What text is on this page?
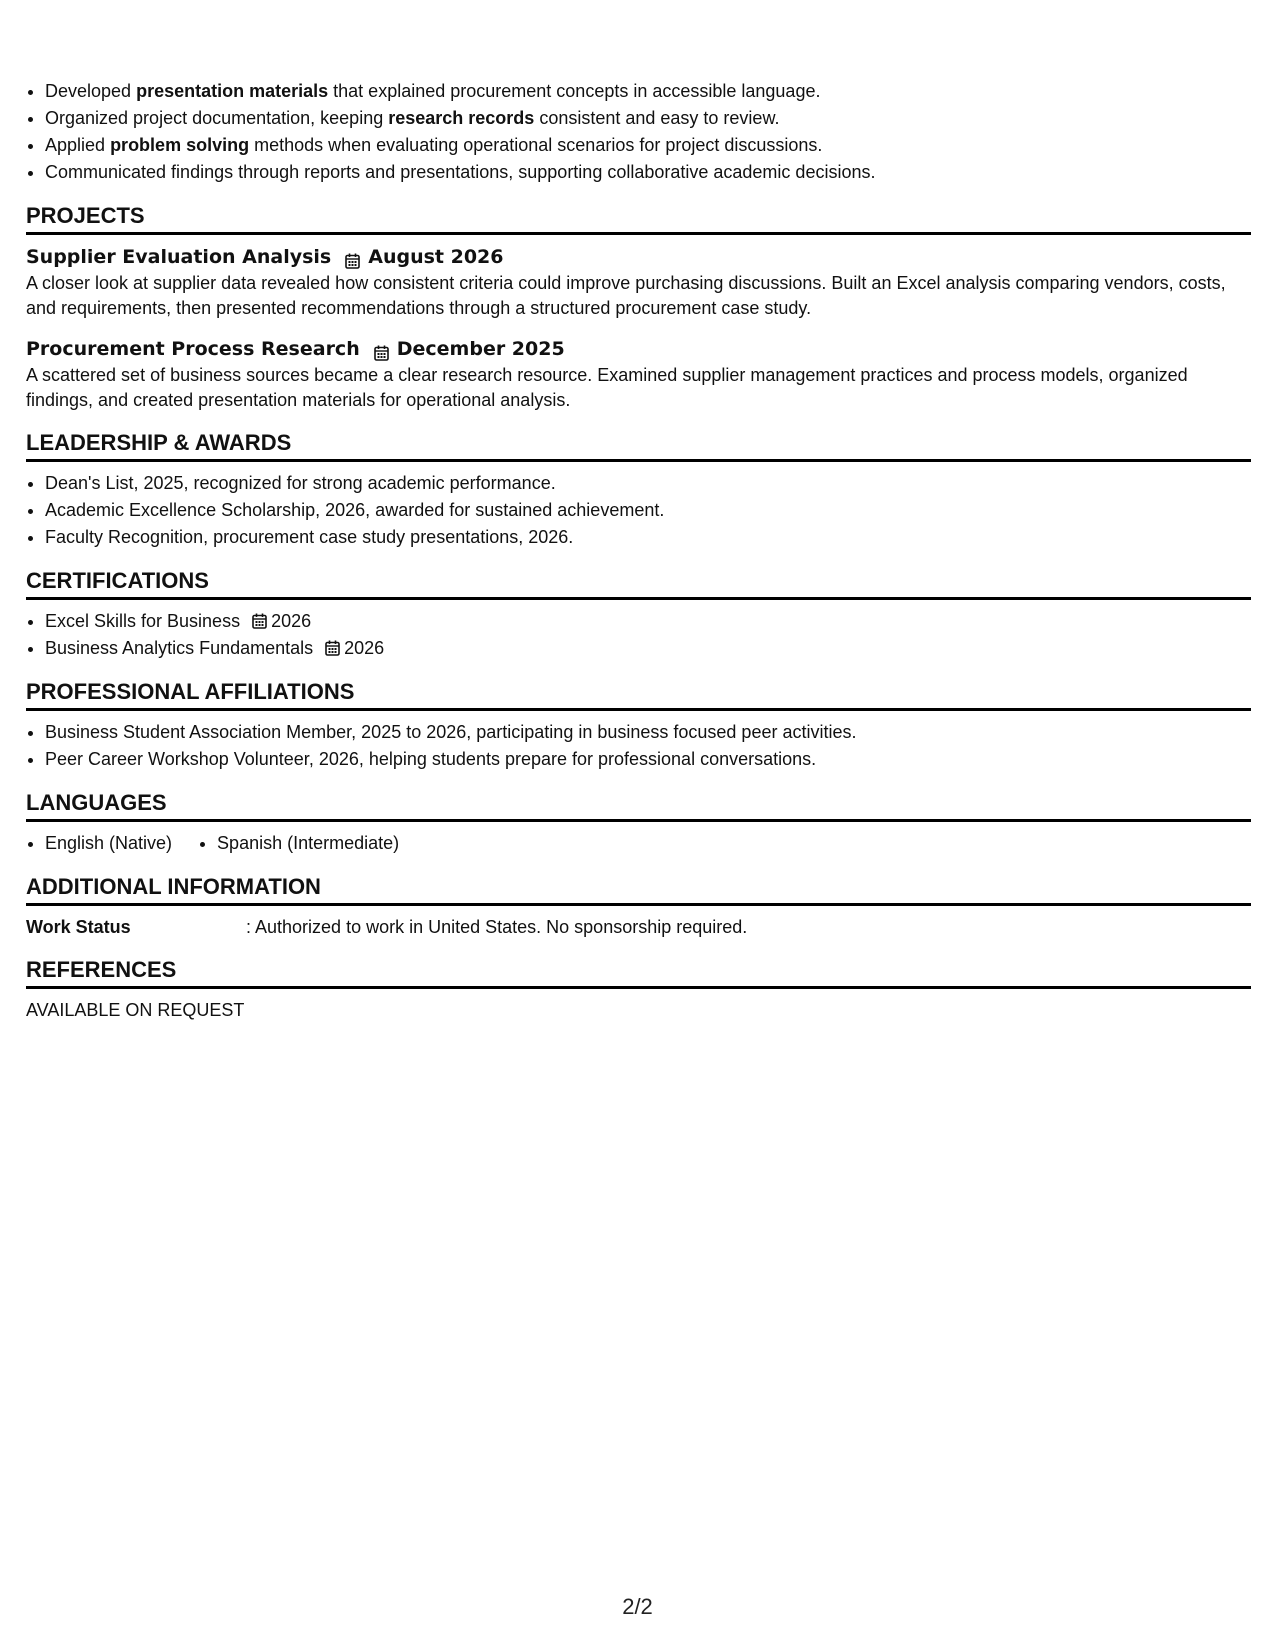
• Developed presentation materials that explained procurement concepts in accessible language.
• Organized project documentation, keeping research records consistent and easy to review.
• Applied problem solving methods when evaluating operational scenarios for project discussions.
• Communicated findings through reports and presentations, supporting collaborative academic decisions.
PROJECTS
Supplier Evaluation Analysis August 2026
A closer look at supplier data revealed how consistent criteria could improve purchasing discussions. Built an Excel analysis comparing vendors, costs, and requirements, then presented recommendations through a structured procurement case study.
Procurement Process Research December 2025
A scattered set of business sources became a clear research resource. Examined supplier management practices and process models, organized findings, and created presentation materials for operational analysis.
LEADERSHIP & AWARDS
• Dean's List, 2025, recognized for strong academic performance.
• Academic Excellence Scholarship, 2026, awarded for sustained achievement.
• Faculty Recognition, procurement case study presentations, 2026.
CERTIFICATIONS
• Excel Skills for Business 2026
• Business Analytics Fundamentals 2026
PROFESSIONAL AFFILIATIONS
• Business Student Association Member, 2025 to 2026, participating in business focused peer activities.
• Peer Career Workshop Volunteer, 2026, helping students prepare for professional conversations.
LANGUAGES
• English (Native)
•	Spanish (Intermediate)
ADDITIONAL INFORMATION
Work Status	: Authorized to work in United States. No sponsorship required.
REFERENCES
AVAILABLE ON REQUEST
2/2
